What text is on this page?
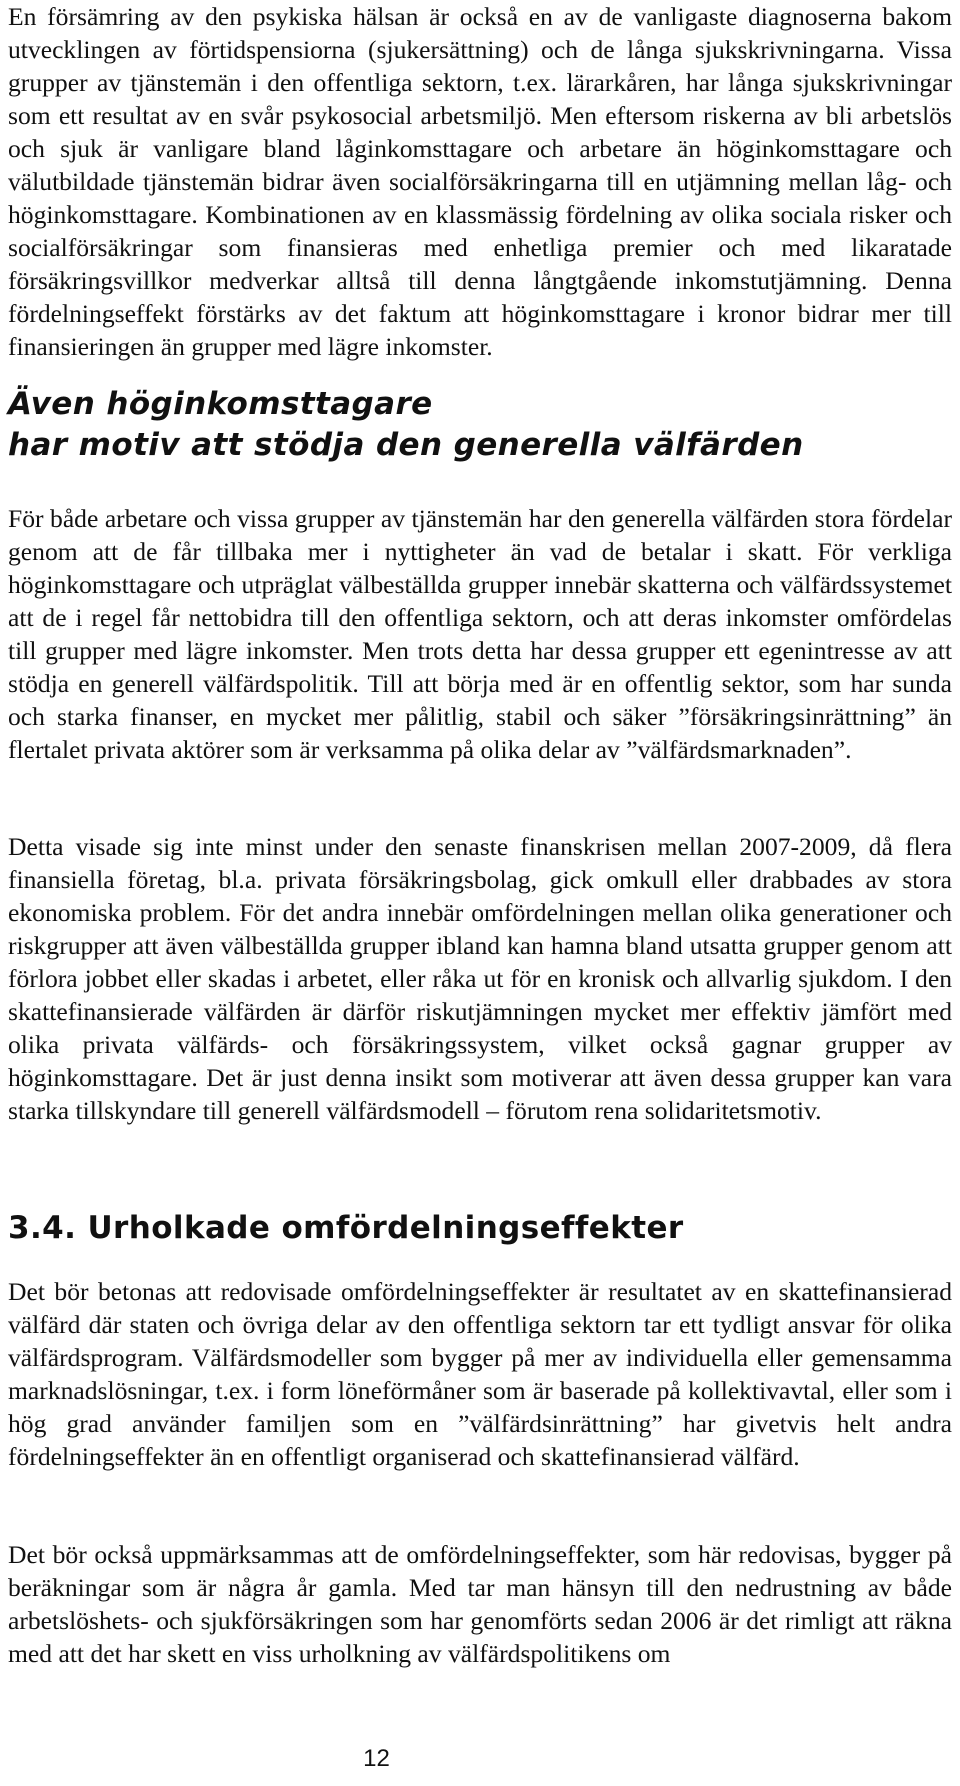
En försämring av den psykiska hälsan är också en av de vanligaste diagnoserna bakom utvecklingen av förtidspensiorna (sjukersättning) och de långa sjukskrivningarna. Vissa grupper av tjänstemän i den offentliga sektorn, t.ex. lärarkåren, har långa sjukskrivningar som ett resultat av en svår psykosocial arbetsmiljö. Men eftersom riskerna av bli arbetslös och sjuk är vanligare bland låginkomsttagare och arbetare än höginkomsttagare och välutbildade tjänstemän bidrar även socialförsäkringarna till en utjämning mellan låg- och höginkomsttagare. Kombinationen av en klassmässig fördelning av olika sociala risker och socialförsäkringar som finansieras med enhetliga premier och med likaratade försäkringsvillkor medverkar alltså till denna långtgående inkomstutjämning. Denna fördelningseffekt förstärks av det faktum att höginkomsttagare i kronor bidrar mer till finansieringen än grupper med lägre inkomster.

Även höginkomsttagare
har motiv att stödja den generella välfärden

För både arbetare och vissa grupper av tjänstemän har den generella välfärden stora fördelar genom att de får tillbaka mer i nyttigheter än vad de betalar i skatt. För verkliga höginkomsttagare och utpräglat välbeställda grupper innebär skatterna och välfärdssystemet att de i regel får nettobidra till den offentliga sektorn, och att deras inkomster omfördelas till grupper med lägre inkomster. Men trots detta har dessa grupper ett egenintresse av att stödja en generell välfärdspolitik. Till att börja med är en offentlig sektor, som har sunda och starka finanser, en mycket mer pålitlig, stabil och säker ”försäkringsinrättning” än flertalet privata aktörer som är verksamma på olika delar av ”välfärdsmarknaden”.

Detta visade sig inte minst under den senaste finanskrisen mellan 2007-2009, då flera finansiella företag, bl.a. privata försäkringsbolag, gick omkull eller drabbades av stora ekonomiska problem. För det andra innebär omfördelningen mellan olika generationer och riskgrupper att även välbeställda grupper ibland kan hamna bland utsatta grupper genom att förlora jobbet eller skadas i arbetet, eller råka ut för en kronisk och allvarlig sjukdom. I den skattefinansierade välfärden är därför riskutjämningen mycket mer effektiv jämfört med olika privata välfärds- och försäkringssystem, vilket också gagnar grupper av höginkomsttagare. Det är just denna insikt som motiverar att även dessa grupper kan vara starka tillskyndare till generell välfärdsmodell – förutom rena solidaritetsmotiv.

3.4. Urholkade omfördelningseffekter

Det bör betonas att redovisade omfördelningseffekter är resultatet av en skattefinansierad välfärd där staten och övriga delar av den offentliga sektorn tar ett tydligt ansvar för olika välfärdsprogram. Välfärdsmodeller som bygger på mer av individuella eller gemensamma marknadslösningar, t.ex. i form löneförmåner som är baserade på kollektivavtal, eller som i hög grad använder familjen som en ”välfärdsinrättning” har givetvis helt andra fördelningseffekter än en offentligt organiserad och skattefinansierad välfärd.

Det bör också uppmärksammas att de omfördelningseffekter, som här redovisas, bygger på beräkningar som är några år gamla. Med tar man hänsyn till den nedrustning av både arbetslöshets- och sjukförsäkringen som har genomförts sedan 2006 är det rimligt att räkna med att det har skett en viss urholkning av välfärdspolitikens om

12
